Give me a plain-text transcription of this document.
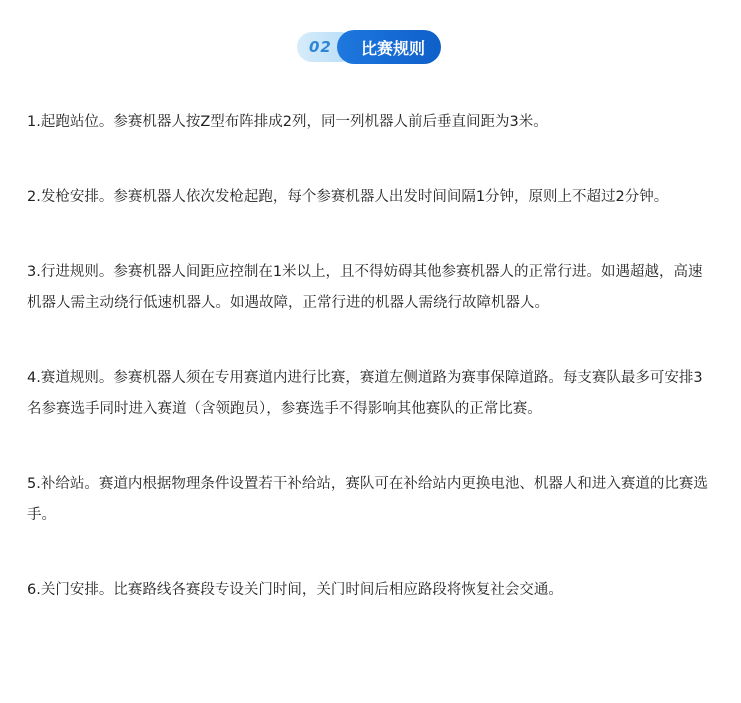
02 比赛规则

1.起跑站位。参赛机器人按Z型布阵排成2列，同一列机器人前后垂直间距为3米。

2.发枪安排。参赛机器人依次发枪起跑，每个参赛机器人出发时间间隔1分钟，原则上不超过2分钟。

3.行进规则。参赛机器人间距应控制在1米以上，且不得妨碍其他参赛机器人的正常行进。如遇超越，高速机器人需主动绕行低速机器人。如遇故障，正常行进的机器人需绕行故障机器人。

4.赛道规则。参赛机器人须在专用赛道内进行比赛，赛道左侧道路为赛事保障道路。每支赛队最多可安排3名参赛选手同时进入赛道（含领跑员），参赛选手不得影响其他赛队的正常比赛。

5.补给站。赛道内根据物理条件设置若干补给站，赛队可在补给站内更换电池、机器人和进入赛道的比赛选手。

6.关门安排。比赛路线各赛段专设关门时间，关门时间后相应路段将恢复社会交通。
